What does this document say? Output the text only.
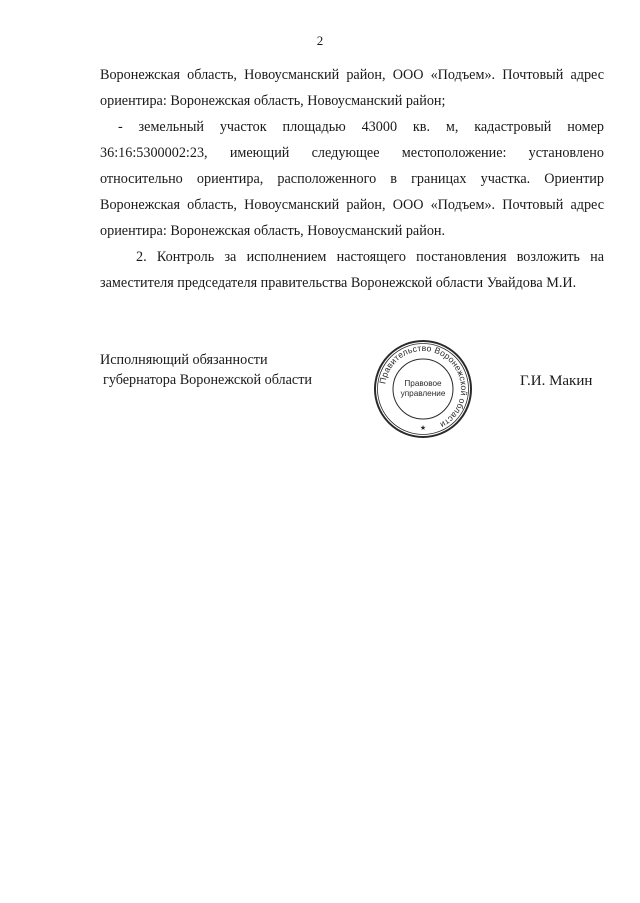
2

Воронежская область, Новоусманский район, ООО «Подъем». Почтовый адрес ориентира: Воронежская область, Новоусманский район;

- земельный участок площадью 43000 кв. м, кадастровый номер 36:16:5300002:23, имеющий следующее местоположение: установлено относительно ориентира, расположенного в границах участка. Ориентир Воронежская область, Новоусманский район, ООО «Подъем». Почтовый адрес ориентира: Воронежская область, Новоусманский район.

2. Контроль за исполнением настоящего постановления возложить на заместителя председателя правительства Воронежской области Увайдова М.И.

Исполняющий обязанности
губернатора Воронежской области	Правительство Воронежской области
Правовое
управление
★
Г.И. Макин
